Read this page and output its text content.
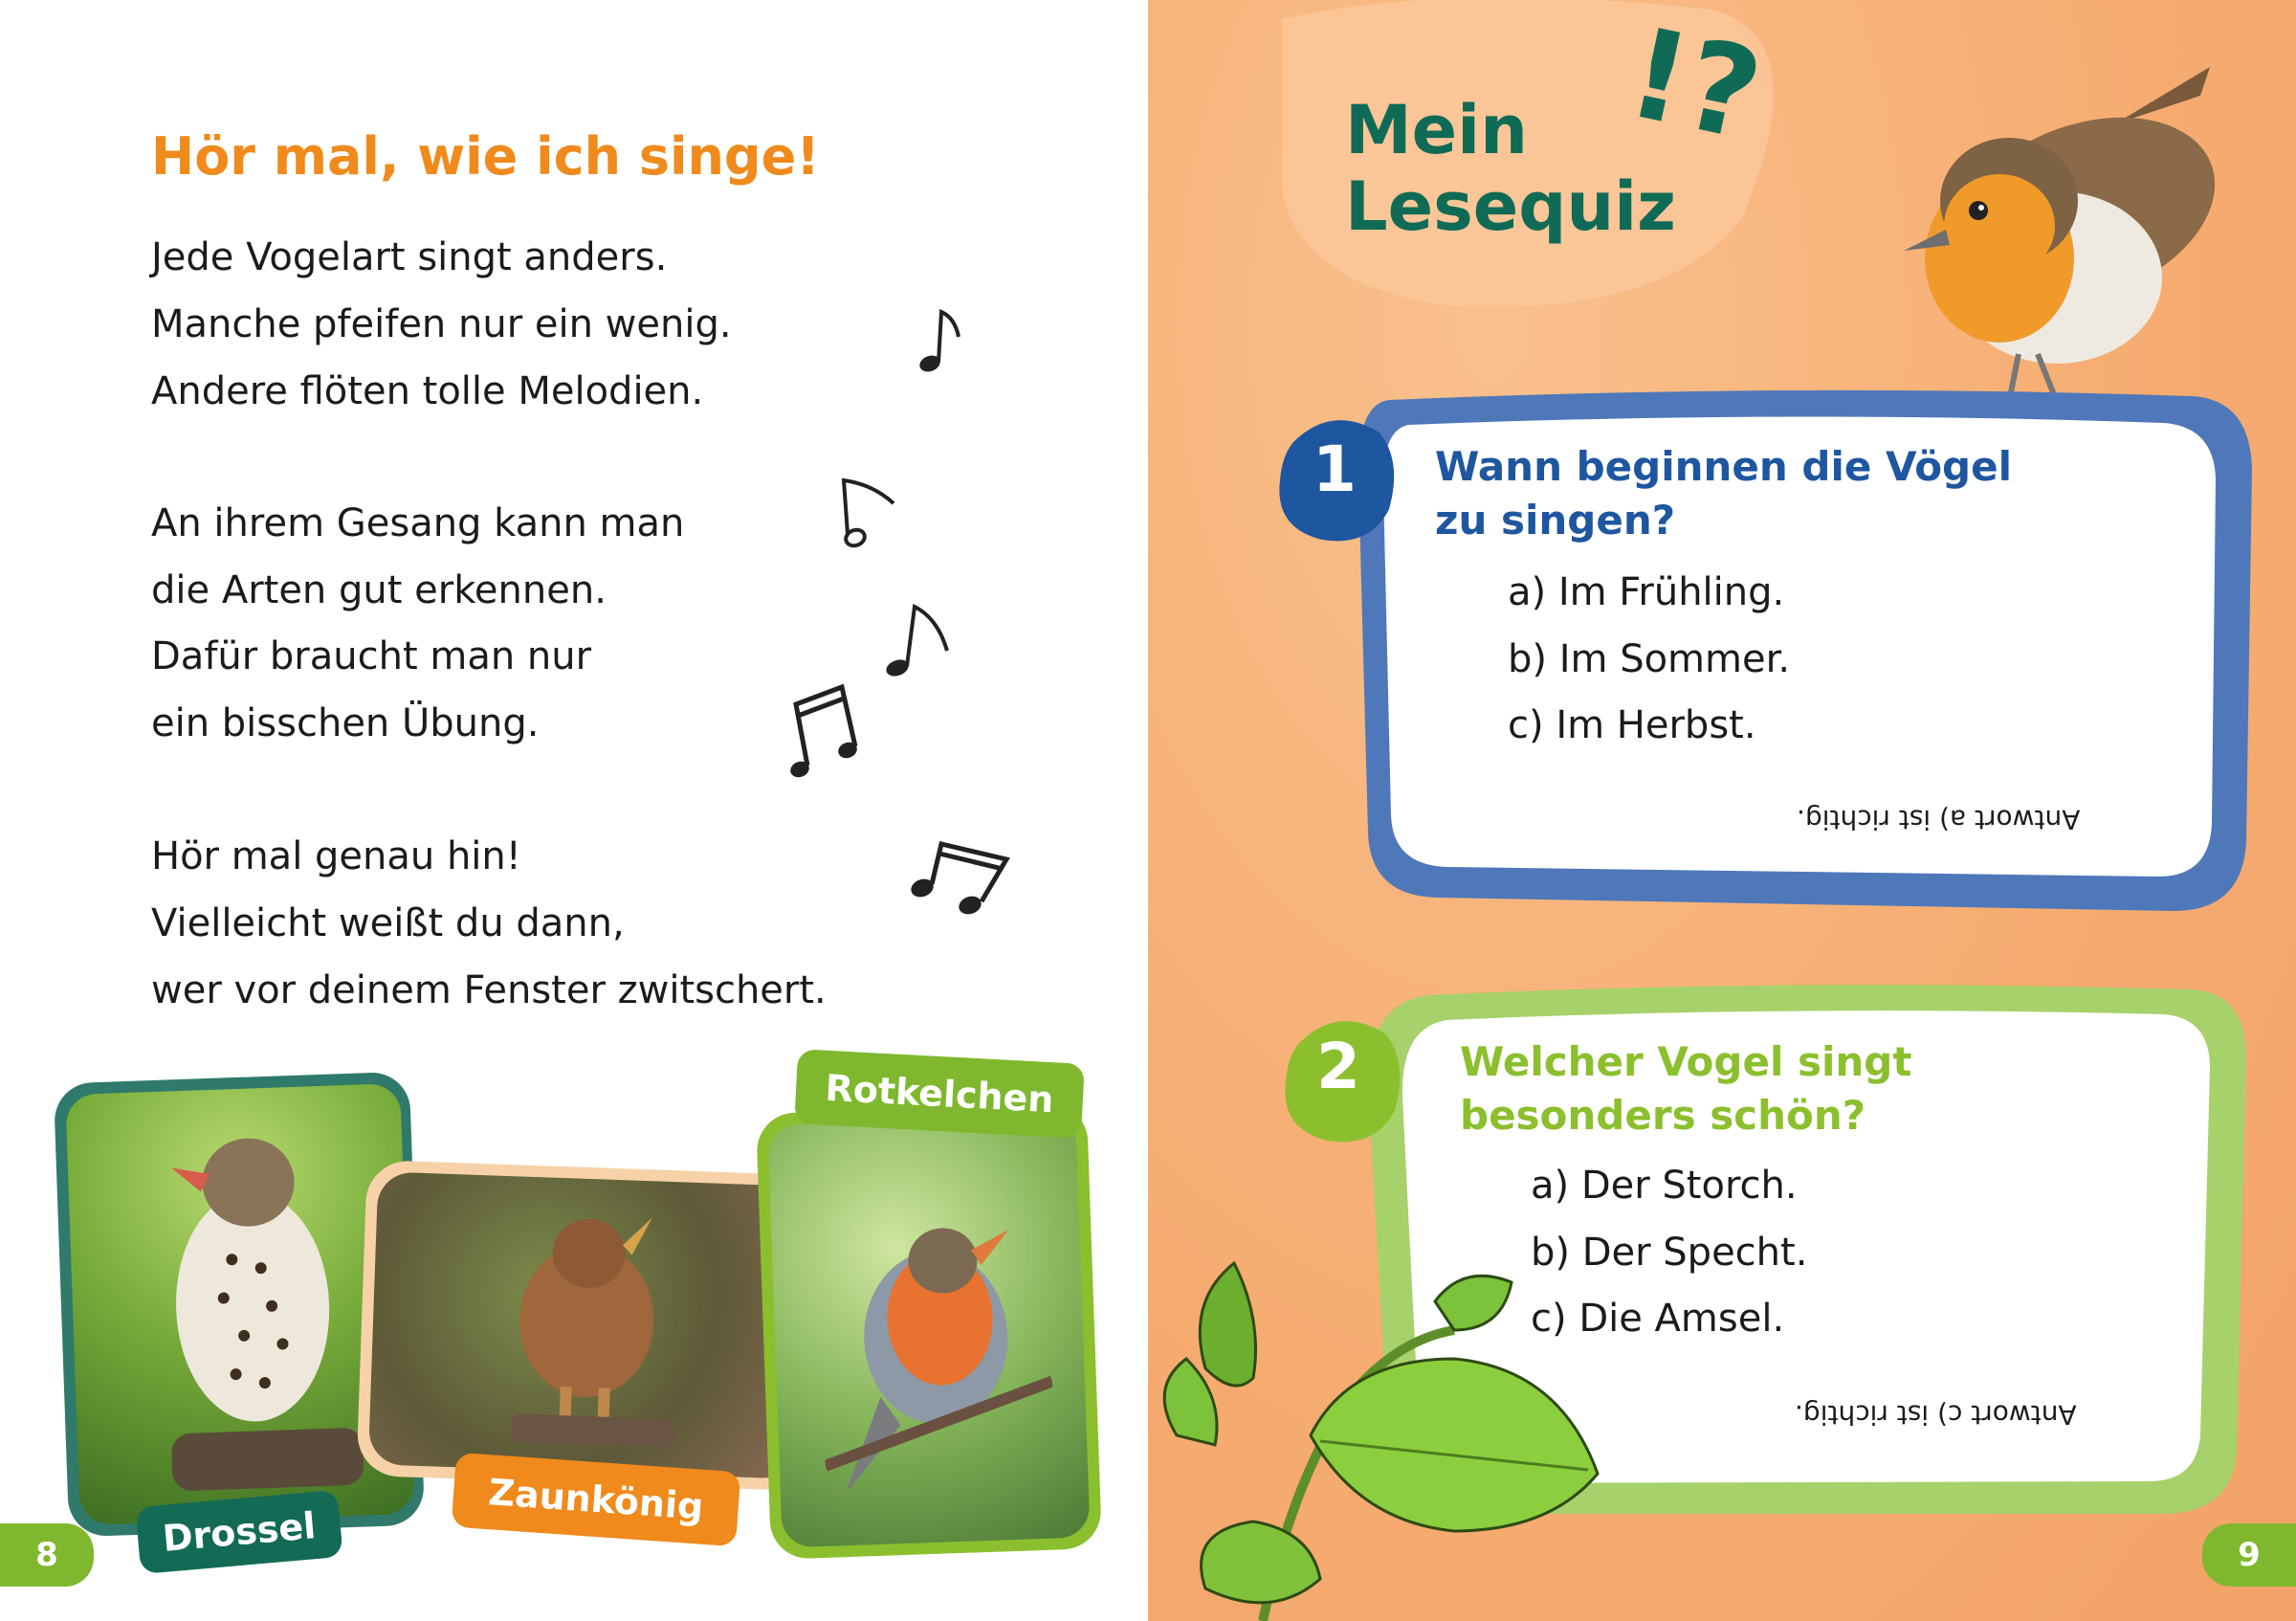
Hör mal, wie ich singe!
Jede Vogelart singt anders.
Manche pfeifen nur ein wenig.
Andere flöten tolle Melodien.
An ihrem Gesang kann man
die Arten gut erkennen.
Dafür braucht man nur
ein bisschen Übung.
Hör mal genau hin!
Vielleicht weißt du dann,
wer vor deinem Fenster zwitschert.
Drossel
Zaunkönig
Rotkelchen
8
Mein
Lesequiz
!?
1	Wann beginnen die Vögel
zu singen?
a) Im Frühling.
b) Im Sommer.
c) Im Herbst.
Antwort a) ist richtig.
2	Welcher Vogel singt
besonders schön?
a) Der Storch.
b) Der Specht.
c) Die Amsel.
Antwort c) ist richtig.
9
